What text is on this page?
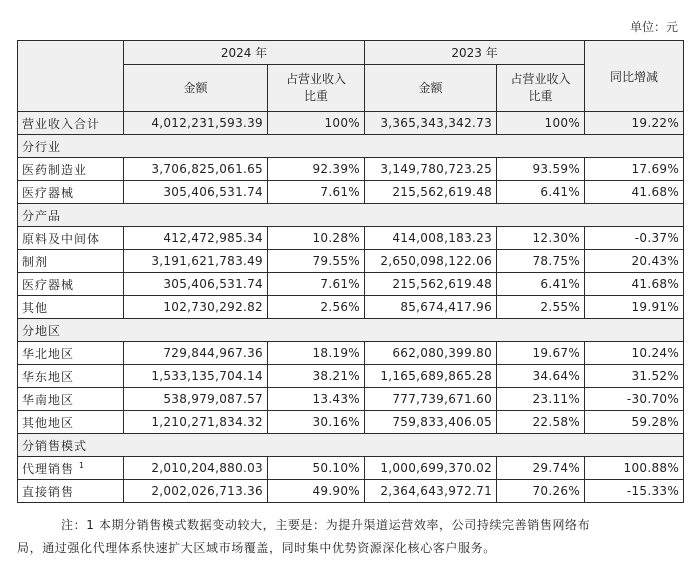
单位：元
	2024 年		2023 年		同比增减
	金额	占营业收入比重	金额	占营业收入比重	
营业收入合计	4,012,231,593.39	100%	3,365,343,342.73	100%	19.22%
分行业					
医药制造业	3,706,825,061.65	92.39%	3,149,780,723.25	93.59%	17.69%
医疗器械	305,406,531.74	7.61%	215,562,619.48	6.41%	41.68%
分产品					
原料及中间体	412,472,985.34	10.28%	414,008,183.23	12.30%	-0.37%
制剂	3,191,621,783.49	79.55%	2,650,098,122.06	78.75%	20.43%
医疗器械	305,406,531.74	7.61%	215,562,619.48	6.41%	41.68%
其他	102,730,292.82	2.56%	85,674,417.96	2.55%	19.91%
分地区					
华北地区	729,844,967.36	18.19%	662,080,399.80	19.67%	10.24%
华东地区	1,533,135,704.14	38.21%	1,165,689,865.28	34.64%	31.52%
华南地区	538,979,087.57	13.43%	777,739,671.60	23.11%	-30.70%
其他地区	1,210,271,834.32	30.16%	759,833,406.05	22.58%	59.28%
分销售模式					
代理销售 $^1$	2,010,204,880.03	50.10%	1,000,699,370.02	29.74%	100.88%
直接销售	2,002,026,713.36	49.90%	2,364,643,972.71	70.26%	-15.33%
注：1 本期分销售模式数据变动较大，主要是：为提升渠道运营效率，公司持续完善销售网络布
局，通过强化代理体系快速扩大区域市场覆盖，同时集中优势资源深化核心客户服务。
